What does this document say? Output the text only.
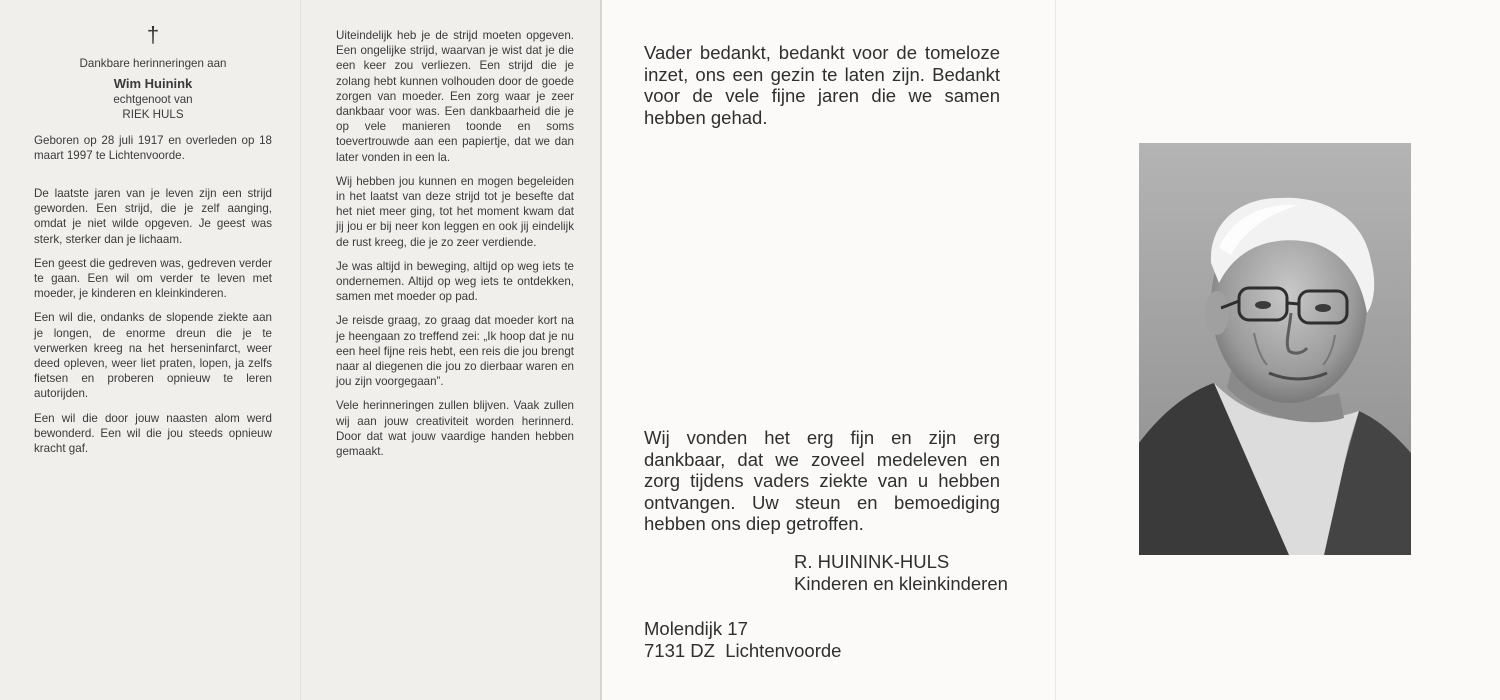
†
Dankbare herinneringen aan
Wim Huinink
echtgenoot van
RIEK HULS

Geboren op 28 juli 1917 en overleden op 18 maart 1997 te Lichtenvoorde.

De laatste jaren van je leven zijn een strijd geworden. Een strijd, die je zelf aanging, omdat je niet wilde opgeven. Je geest was sterk, sterker dan je lichaam.

Een geest die gedreven was, gedreven verder te gaan. Een wil om verder te leven met moeder, je kinderen en kleinkinderen.

Een wil die, ondanks de slopende ziekte aan je longen, de enorme dreun die je te verwerken kreeg na het herseninfarct, weer deed opleven, weer liet praten, lopen, ja zelfs fietsen en proberen opnieuw te leren autorijden.

Een wil die door jouw naasten alom werd bewonderd. Een wil die jou steeds opnieuw kracht gaf.

Uiteindelijk heb je de strijd moeten opgeven. Een ongelijke strijd, waarvan je wist dat je die een keer zou verliezen. Een strijd die je zolang hebt kunnen volhouden door de goede zorgen van moeder. Een zorg waar je zeer dankbaar voor was. Een dankbaarheid die je op vele manieren toonde en soms toevertrouwde aan een papiertje, dat we dan later vonden in een la.

Wij hebben jou kunnen en mogen begeleiden in het laatst van deze strijd tot je besefte dat het niet meer ging, tot het moment kwam dat jij jou er bij neer kon leggen en ook jij eindelijk de rust kreeg, die je zo zeer verdiende.

Je was altijd in beweging, altijd op weg iets te ondernemen. Altijd op weg iets te ontdekken, samen met moeder op pad.

Je reisde graag, zo graag dat moeder kort na je heengaan zo treffend zei: „Ik hoop dat je nu een heel fijne reis hebt, een reis die jou brengt naar al diegenen die jou zo dierbaar waren en jou zijn voorgegaan”.

Vele herinneringen zullen blijven. Vaak zullen wij aan jouw creativiteit worden herinnerd. Door dat wat jouw vaardige handen hebben gemaakt.

Vader bedankt, bedankt voor de tomeloze inzet, ons een gezin te laten zijn. Bedankt voor de vele fijne jaren die we samen hebben gehad.
Wij vonden het erg fijn en zijn erg dankbaar, dat we zoveel medeleven en zorg tijdens vaders ziekte van u hebben ontvangen. Uw steun en bemoediging hebben ons diep getroffen.
R. HUININK-HULS
Kinderen en kleinkinderen
Molendijk 17
7131 DZ  Lichtenvoorde
